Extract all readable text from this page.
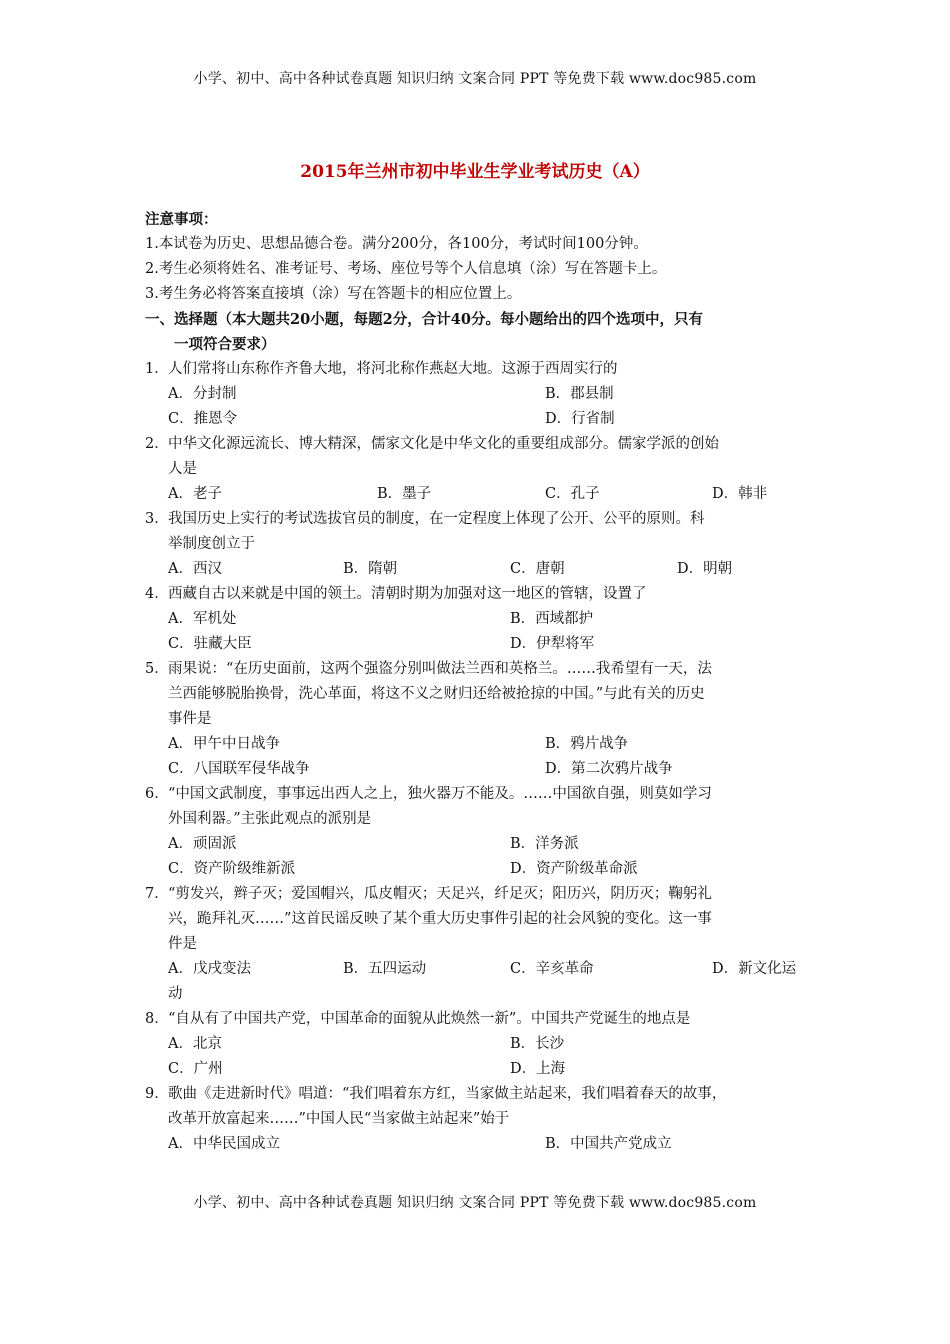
小学、初中、高中各种试卷真题 知识归纳 文案合同 PPT 等免费下载 www.doc985.com
2015年兰州市初中毕业生学业考试历史（A）
注意事项：
1.本试卷为历史、思想品德合卷。满分200分，各100分，考试时间100分钟。
2.考生必须将姓名、准考证号、考场、座位号等个人信息填（涂）写在答题卡上。
3.考生务必将答案直接填（涂）写在答题卡的相应位置上。
一、选择题（本大题共20小题，每题2分，合计40分。每小题给出的四个选项中，只有
一项符合要求）
1． 人们常将山东称作齐鲁大地，将河北称作燕赵大地。这源于西周实行的
A．分封制	B．郡县制
C．推恩令	D．行省制
2． 中华文化源远流长、博大精深，儒家文化是中华文化的重要组成部分。儒家学派的创始
人是
A．老子	B．墨子	C．孔子	D．韩非
3． 我国历史上实行的考试选拔官员的制度，在一定程度上体现了公开、公平的原则。科
举制度创立于
A．西汉	B．隋朝	C．唐朝	D．明朝
4． 西藏自古以来就是中国的领土。清朝时期为加强对这一地区的管辖，设置了
A．军机处	B．西域都护
C．驻藏大臣	D．伊犁将军
5． 雨果说：“在历史面前，这两个强盗分别叫做法兰西和英格兰。……我希望有一天，法
兰西能够脱胎换骨，洗心革面，将这不义之财归还给被抢掠的中国。”与此有关的历史
事件是
A．甲午中日战争	B．鸦片战争
C．八国联军侵华战争	D．第二次鸦片战争
6． “中国文武制度，事事远出西人之上，独火器万不能及。……中国欲自强，则莫如学习
外国利器。”主张此观点的派别是
A．顽固派	B．洋务派
C．资产阶级维新派	D．资产阶级革命派
7． “剪发兴，辫子灭；爱国帽兴，瓜皮帽灭；天足兴，纤足灭；阳历兴，阴历灭；鞠躬礼
兴，跪拜礼灭……”这首民谣反映了某个重大历史事件引起的社会风貌的变化。这一事
件是
A．戊戌变法	B．五四运动	C．辛亥革命	D．新文化运
动
8． “自从有了中国共产党，中国革命的面貌从此焕然一新”。中国共产党诞生的地点是
A．北京	B．长沙
C．广州	D．上海
9． 歌曲《走进新时代》唱道：“我们唱着东方红，当家做主站起来，我们唱着春天的故事，
改革开放富起来……”中国人民“当家做主站起来”始于
A．中华民国成立	B．中国共产党成立
小学、初中、高中各种试卷真题 知识归纳 文案合同 PPT 等免费下载 www.doc985.com
